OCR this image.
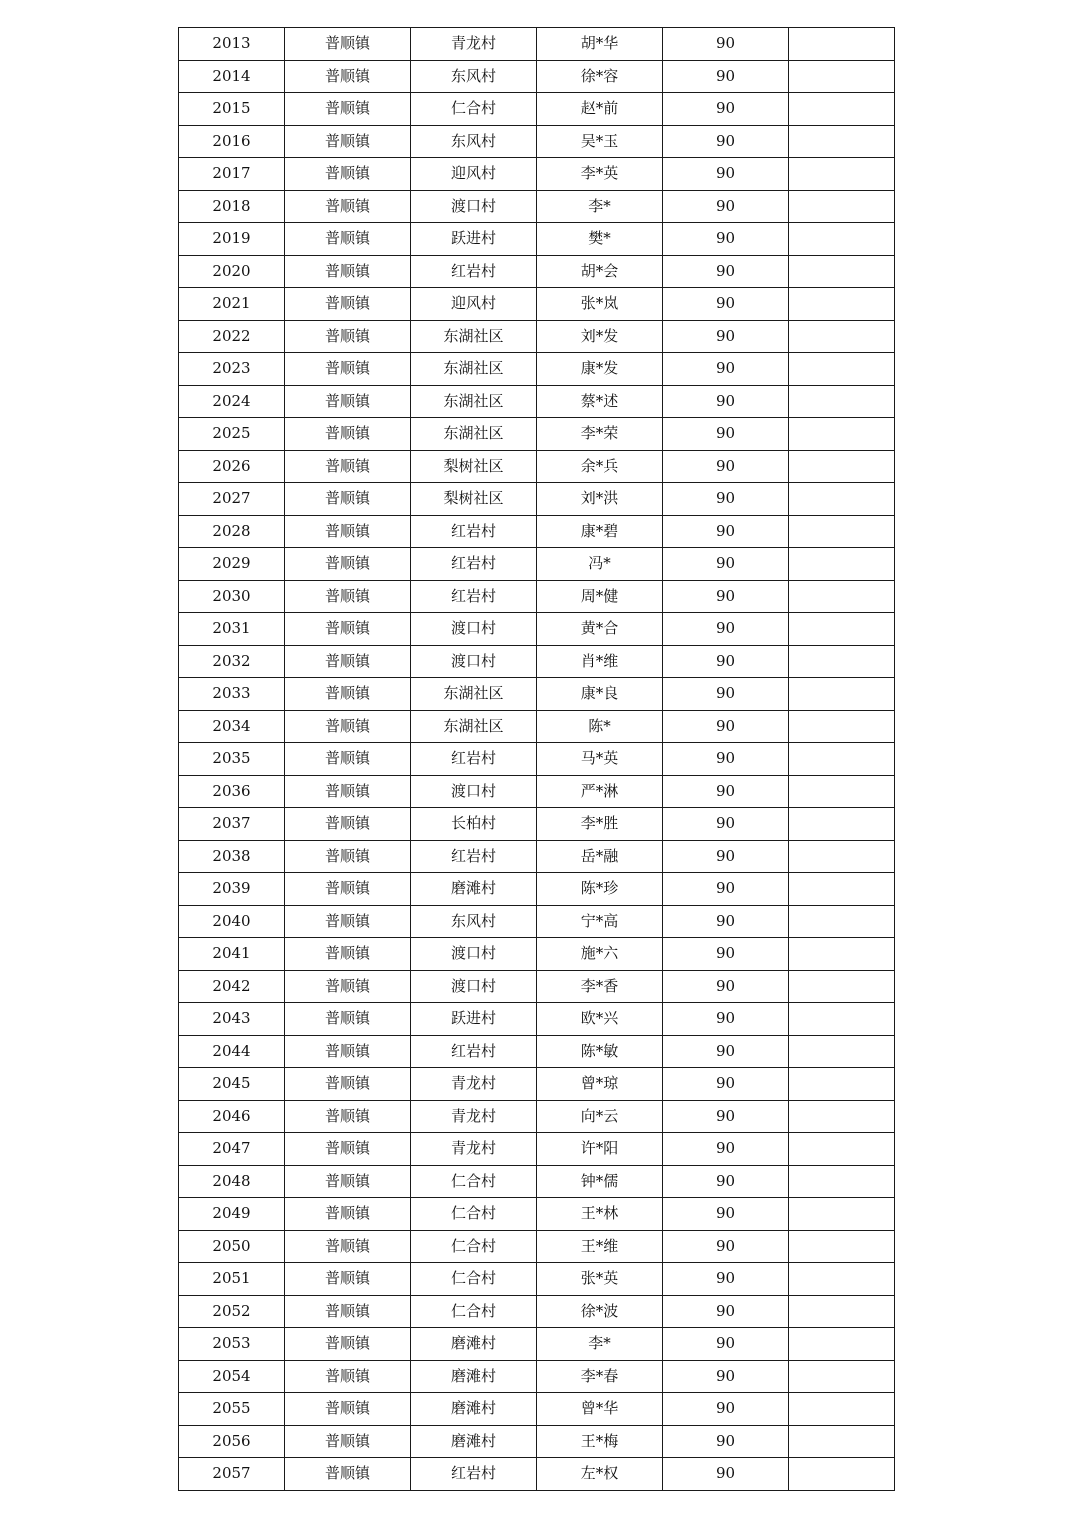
2013	普顺镇	青龙村	胡*华	90	
2014	普顺镇	东风村	徐*容	90	
2015	普顺镇	仁合村	赵*前	90	
2016	普顺镇	东风村	吴*玉	90	
2017	普顺镇	迎风村	李*英	90	
2018	普顺镇	渡口村	李*	90	
2019	普顺镇	跃进村	樊*	90	
2020	普顺镇	红岩村	胡*会	90	
2021	普顺镇	迎风村	张*岚	90	
2022	普顺镇	东湖社区	刘*发	90	
2023	普顺镇	东湖社区	康*发	90	
2024	普顺镇	东湖社区	蔡*述	90	
2025	普顺镇	东湖社区	李*荣	90	
2026	普顺镇	梨树社区	余*兵	90	
2027	普顺镇	梨树社区	刘*洪	90	
2028	普顺镇	红岩村	康*碧	90	
2029	普顺镇	红岩村	冯*	90	
2030	普顺镇	红岩村	周*健	90	
2031	普顺镇	渡口村	黄*合	90	
2032	普顺镇	渡口村	肖*维	90	
2033	普顺镇	东湖社区	康*良	90	
2034	普顺镇	东湖社区	陈*	90	
2035	普顺镇	红岩村	马*英	90	
2036	普顺镇	渡口村	严*淋	90	
2037	普顺镇	长柏村	李*胜	90	
2038	普顺镇	红岩村	岳*融	90	
2039	普顺镇	磨滩村	陈*珍	90	
2040	普顺镇	东风村	宁*高	90	
2041	普顺镇	渡口村	施*六	90	
2042	普顺镇	渡口村	李*香	90	
2043	普顺镇	跃进村	欧*兴	90	
2044	普顺镇	红岩村	陈*敏	90	
2045	普顺镇	青龙村	曾*琼	90	
2046	普顺镇	青龙村	向*云	90	
2047	普顺镇	青龙村	许*阳	90	
2048	普顺镇	仁合村	钟*儒	90	
2049	普顺镇	仁合村	王*林	90	
2050	普顺镇	仁合村	王*维	90	
2051	普顺镇	仁合村	张*英	90	
2052	普顺镇	仁合村	徐*波	90	
2053	普顺镇	磨滩村	李*	90	
2054	普顺镇	磨滩村	李*春	90	
2055	普顺镇	磨滩村	曾*华	90	
2056	普顺镇	磨滩村	王*梅	90	
2057	普顺镇	红岩村	左*权	90	
